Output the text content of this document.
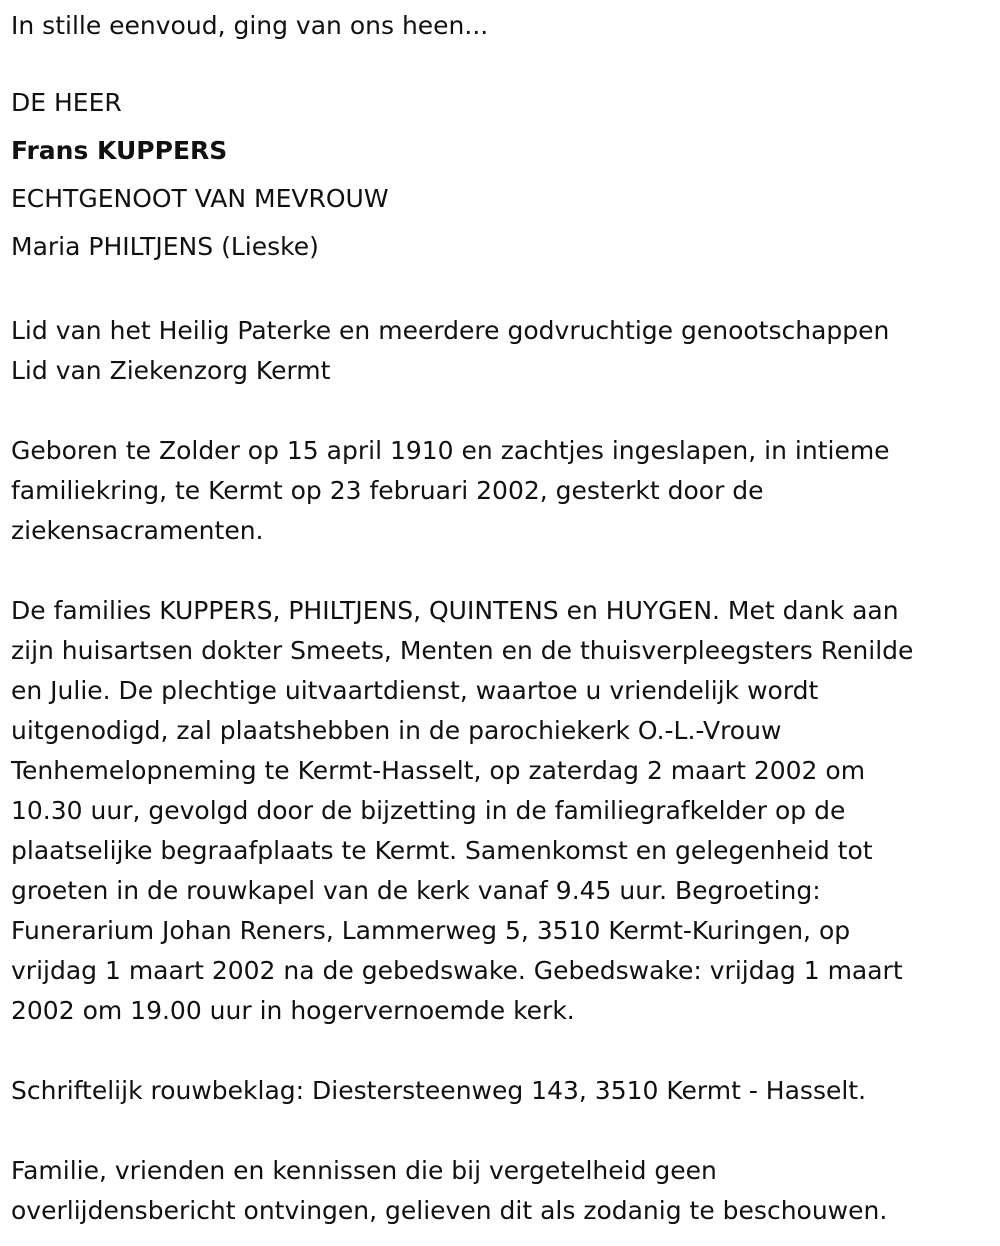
In stille eenvoud, ging van ons heen...

DE HEER

Frans KUPPERS

ECHTGENOOT VAN MEVROUW

Maria PHILTJENS (Lieske)

Lid van het Heilig Paterke en meerdere godvruchtige genootschappen

Lid van Ziekenzorg Kermt

Geboren te Zolder op 15 april 1910 en zachtjes ingeslapen, in intieme

familiekring, te Kermt op 23 februari 2002, gesterkt door de

ziekensacramenten.

De families KUPPERS, PHILTJENS, QUINTENS en HUYGEN. Met dank aan

zijn huisartsen dokter Smeets, Menten en de thuisverpleegsters Renilde

en Julie. De plechtige uitvaartdienst, waartoe u vriendelijk wordt

uitgenodigd, zal plaatshebben in de parochiekerk O.-L.-Vrouw

Tenhemelopneming te Kermt-Hasselt, op zaterdag 2 maart 2002 om

10.30 uur, gevolgd door de bijzetting in de familiegrafkelder op de

plaatselijke begraafplaats te Kermt. Samenkomst en gelegenheid tot

groeten in de rouwkapel van de kerk vanaf 9.45 uur. Begroeting:

Funerarium Johan Reners, Lammerweg 5, 3510 Kermt-Kuringen, op

vrijdag 1 maart 2002 na de gebedswake. Gebedswake: vrijdag 1 maart

2002 om 19.00 uur in hogervernoemde kerk.

Schriftelijk rouwbeklag: Diestersteenweg 143, 3510 Kermt - Hasselt.

Familie, vrienden en kennissen die bij vergetelheid geen

overlijdensbericht ontvingen, gelieven dit als zodanig te beschouwen.
